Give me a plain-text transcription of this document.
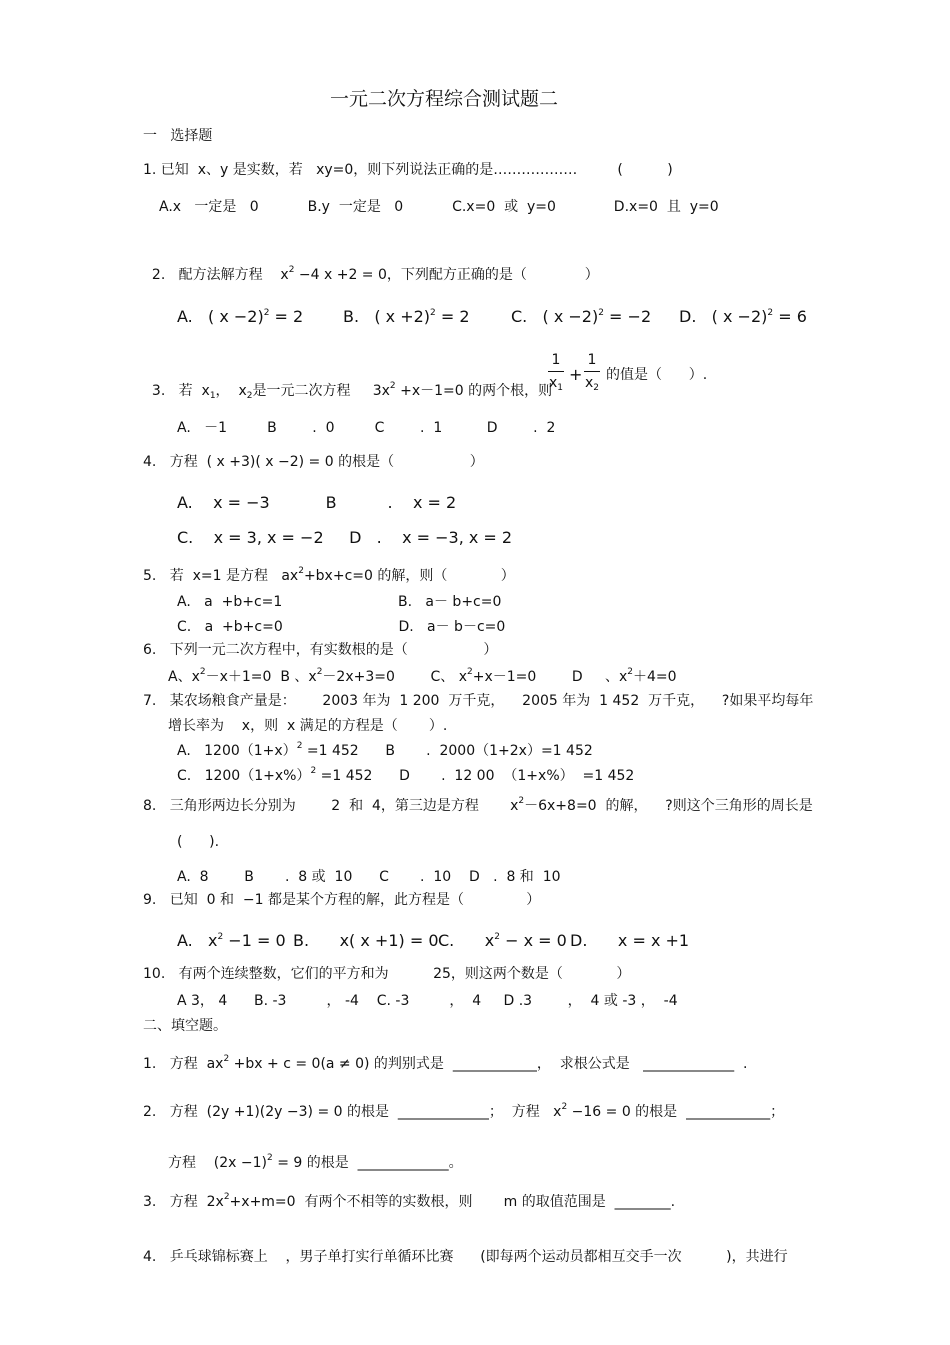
一元二次方程综合测试题二
一   选择题
1. 已知  x、y 是实数，若   xy=0，则下列说法正确的是………………         (          )
A.x   一定是   0           B.y  一定是   0           C.x=0  或  y=0             D.x=0  且  y=0

2.   配方法解方程    $x^2 -4$ x +2 = 0，下列配方正确的是（             ）

A.   ( x −2)$^2$ = 2 B.   ( x +2)$^2$ = 2	C.   ( x −2)$^2$ = −2 D.   ( x −2)$^2$ = 6

3.   若  $x_1$，  $x_2$是一元二次方程     $3x^2 +x-1=0$ 的两个根，则

1
$x_1$
+
1
$x_2$
的值是（      ）.
A.   －1         B        .  0         C        .  1          D        .  2
4.   方程  ( x +3)( x −2) = 0 的根是（                 ）
A.    x = −3           B          .    x = 2
C.    x = 3, x = −2     D   .    x = −3, x = 2
5.   若  x=1 是方程   $ax^2+bx+c=0$ 的解，则（            ）
A.   a  +b+c=1                          B.   a－ b+c=0
C.   a  +b+c=0                          D.   a－ b－c=0
6.   下列一元二次方程中，有实数根的是（                 ）
A、$x^2-x+1=0$  B 、$x^2-2x+3=0$        C、 $x^2+x-1=0$        D     、$x^2+4=0$
7.   某农场粮食产量是：      2003 年为  1 200  万千克，    2005 年为  1 452  万千克，    ?如果平均每年
增长率为    x，则  x 满足的方程是（       ）.
A.   $1200(1+x)^2 =1$ 452      B       .  2000（1+2x）=1 452
C.   $1200(1+x\%)^2 =1$ 452      D       .  12 00  （1+x%）  =1 452
8.   三角形两边长分别为        2  和  4，第三边是方程       $x^2-6x+8=0$  的解，    ?则这个三角形的周长是
(      ).
A.  8        B       .  8 或  10      C       .  10    D   .  8 和  10
9.   已知  0 和  −1 都是某个方程的解，此方程是（              ）
A.   $x^2 -1 = 0$ B.      x( x +1) = 0 C.      $x^2 - x = 0$ D.      x = x +1
10.   有两个连续整数，它们的平方和为          25，则这两个数是（            ）
A 3， 4      B. -3         ， -4    C. -3         ，  4     D .3        ，  4 或 -3 ，  -4
二、填空题。
1.   方程  $ax^2 +bx + c = 0(a \ne 0)$ 的判别式是  ____________，  求根公式是   _____________  .
2.   方程  (2y +1)(2y −3) = 0 的根是  _____________；  方程   $x^2 -16 = 0$ 的根是  ____________；
方程    $(2x -1)^2 = 9$ 的根是  _____________。
3.   方程  $2x^2+x+m=0$  有两个不相等的实数根，则       m 的取值范围是  ________.
4.   乒乓球锦标赛上    ，男子单打实行单循环比赛      (即每两个运动员都相互交手一次          )，共进行
